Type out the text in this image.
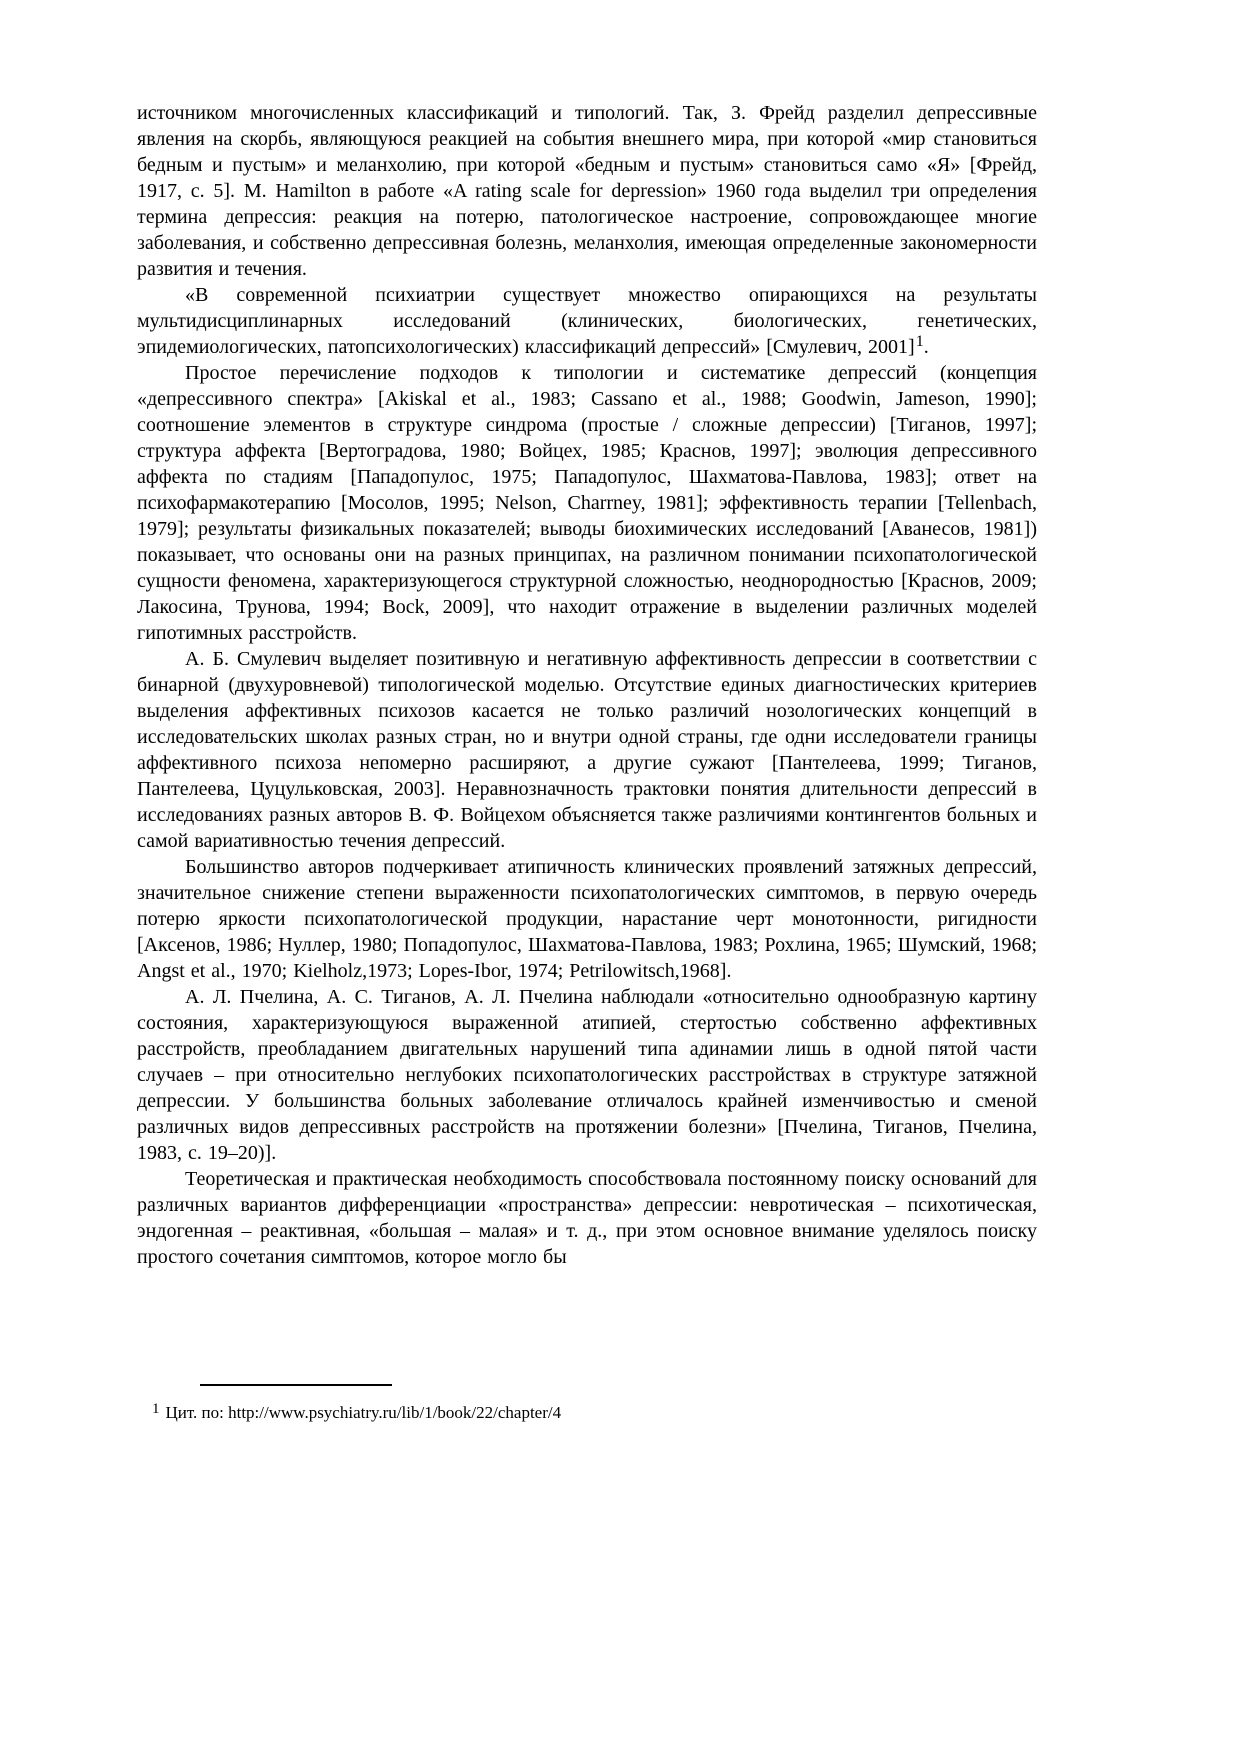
источником многочисленных классификаций и типологий. Так, З. Фрейд разделил депрессивные явления на скорбь, являющуюся реакцией на события внешнего мира, при которой «мир становиться бедным и пустым» и меланхолию, при которой «бедным и пустым» становиться само «Я» [Фрейд, 1917, с. 5]. M. Hamilton в работе «A rating scale for depression» 1960 года выделил три определения термина депрессия: реакция на потерю, патологическое настроение, сопровождающее многие заболевания, и собственно депрессивная болезнь, меланхолия, имеющая определенные закономерности развития и течения.

«В современной психиатрии существует множество опирающихся на результаты мультидисциплинарных исследований (клинических, биологических, генетических, эпидемиологических, патопсихологических) классификаций депрессий» [Смулевич, 2001]$^1$.

Простое перечисление подходов к типологии и систематике депрессий (концепция «депрессивного спектра» [Akiskal et al., 1983; Cassano et al., 1988; Goodwin, Jameson, 1990]; соотношение элементов в структуре синдрома (простые / сложные депрессии) [Тиганов, 1997]; структура аффекта [Вертоградова, 1980; Войцех, 1985; Краснов, 1997]; эволюция депрессивного аффекта по стадиям [Пападопулос, 1975; Пападопулос, Шахматова-Павлова, 1983]; ответ на психофармакотерапию [Мосолов, 1995; Nelson, Charrney, 1981]; эффективность терапии [Tellenbach, 1979]; результаты физикальных показателей; выводы биохимических исследований [Аванесов, 1981]) показывает, что основаны они на разных принципах, на различном понимании психопатологической сущности феномена, характеризующегося структурной сложностью, неоднородностью [Краснов, 2009; Лакосина, Трунова, 1994; Bock, 2009], что находит отражение в выделении различных моделей гипотимных расстройств.

А. Б. Смулевич выделяет позитивную и негативную аффективность депрессии в соответствии с бинарной (двухуровневой) типологической моделью. Отсутствие единых диагностических критериев выделения аффективных психозов касается не только различий нозологических концепций в исследовательских школах разных стран, но и внутри одной страны, где одни исследователи границы аффективного психоза непомерно расширяют, а другие сужают [Пантелеева, 1999; Тиганов, Пантелеева, Цуцульковская, 2003]. Неравнозначность трактовки понятия длительности депрессий в исследованиях разных авторов В. Ф. Войцехом объясняется также различиями контингентов больных и самой вариативностью течения депрессий.

Большинство авторов подчеркивает атипичность клинических проявлений затяжных депрессий, значительное снижение степени выраженности психопатологических симптомов, в первую очередь потерю яркости психопатологической продукции, нарастание черт монотонности, ригидности [Аксенов, 1986; Нуллер, 1980; Попадопулос, Шахматова-Павлова, 1983; Рохлина, 1965; Шумский, 1968; Angst et al., 1970; Kielholz,1973; Lopes-Ibor, 1974; Petrilowitsch,1968].

А. Л. Пчелина, А. С. Тиганов, А. Л. Пчелина наблюдали «относительно однообразную картину состояния, характеризующуюся выраженной атипией, стертостью собственно аффективных расстройств, преобладанием двигательных нарушений типа адинамии лишь в одной пятой части случаев – при относительно неглубоких психопатологических расстройствах в структуре затяжной депрессии. У большинства больных заболевание отличалось крайней изменчивостью и сменой различных видов депрессивных расстройств на протяжении болезни» [Пчелина, Тиганов, Пчелина, 1983, с. 19–20)].

Теоретическая и практическая необходимость способствовала постоянному поиску оснований для различных вариантов дифференциации «пространства» депрессии: невротическая – психотическая, эндогенная – реактивная, «большая – малая» и т. д., при этом основное внимание уделялось поиску простого сочетания симптомов, которое могло бы

$^1$ Цит. по: http://www.psychiatry.ru/lib/1/book/22/chapter/4
